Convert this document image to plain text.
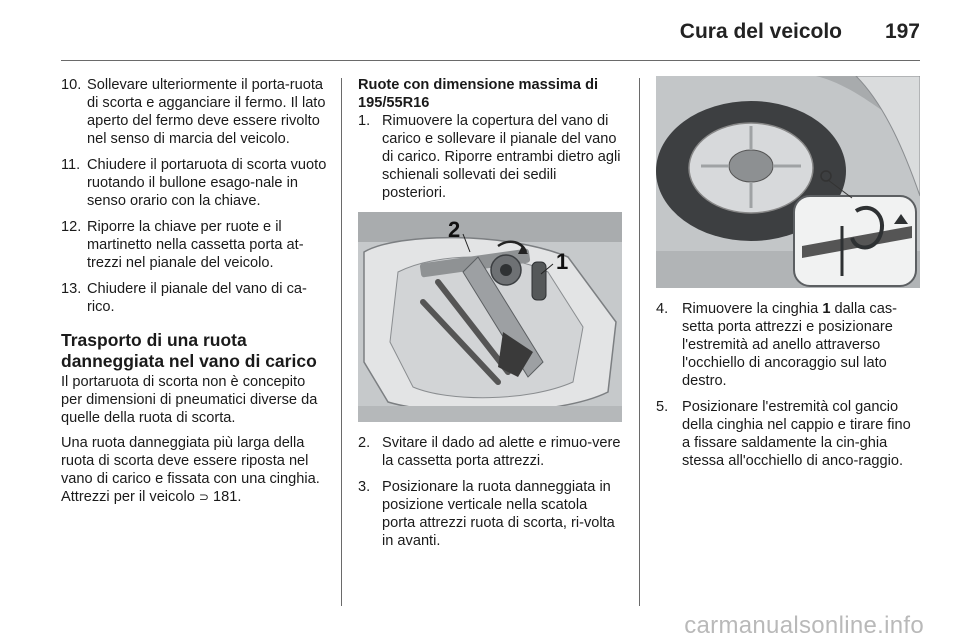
Cura del veicolo 197
10. Sollevare ulteriormente il porta-ruota di scorta e agganciare il fermo. Il lato aperto del fermo deve essere rivolto nel senso di marcia del veicolo.
11. Chiudere il portaruota di scorta vuoto ruotando il bullone esago-nale in senso orario con la chiave.
12. Riporre la chiave per ruote e il martinetto nella cassetta porta at-trezzi nel pianale del veicolo.
13. Chiudere il pianale del vano di ca-rico.
Trasporto di una ruota danneggiata nel vano di carico

Il portaruota di scorta non è concepito per dimensioni di pneumatici diverse da quelle della ruota di scorta.

Una ruota danneggiata più larga della ruota di scorta deve essere riposta nel vano di carico e fissata con una cinghia. Attrezzi per il veicolo ⊃ 181.

Ruote con dimensione massima di 195/55R16

1. Rimuovere la copertura del vano di carico e sollevare il pianale del vano di carico. Riporre entrambi dietro agli schienali sollevati dei sedili posteriori.
2
1
2. Svitare il dado ad alette e rimuo-vere la cassetta porta attrezzi.
3. Posizionare la ruota danneggiata in posizione verticale nella scatola porta attrezzi ruota di scorta, ri-volta in avanti.
4. Rimuovere la cinghia 1 dalla cas-setta porta attrezzi e posizionare l'estremità ad anello attraverso l'occhiello di ancoraggio sul lato destro.
5. Posizionare l'estremità col gancio della cinghia nel cappio e tirare fino a fissare saldamente la cin-ghia stessa all'occhiello di anco-raggio.
carmanualsonline.info
